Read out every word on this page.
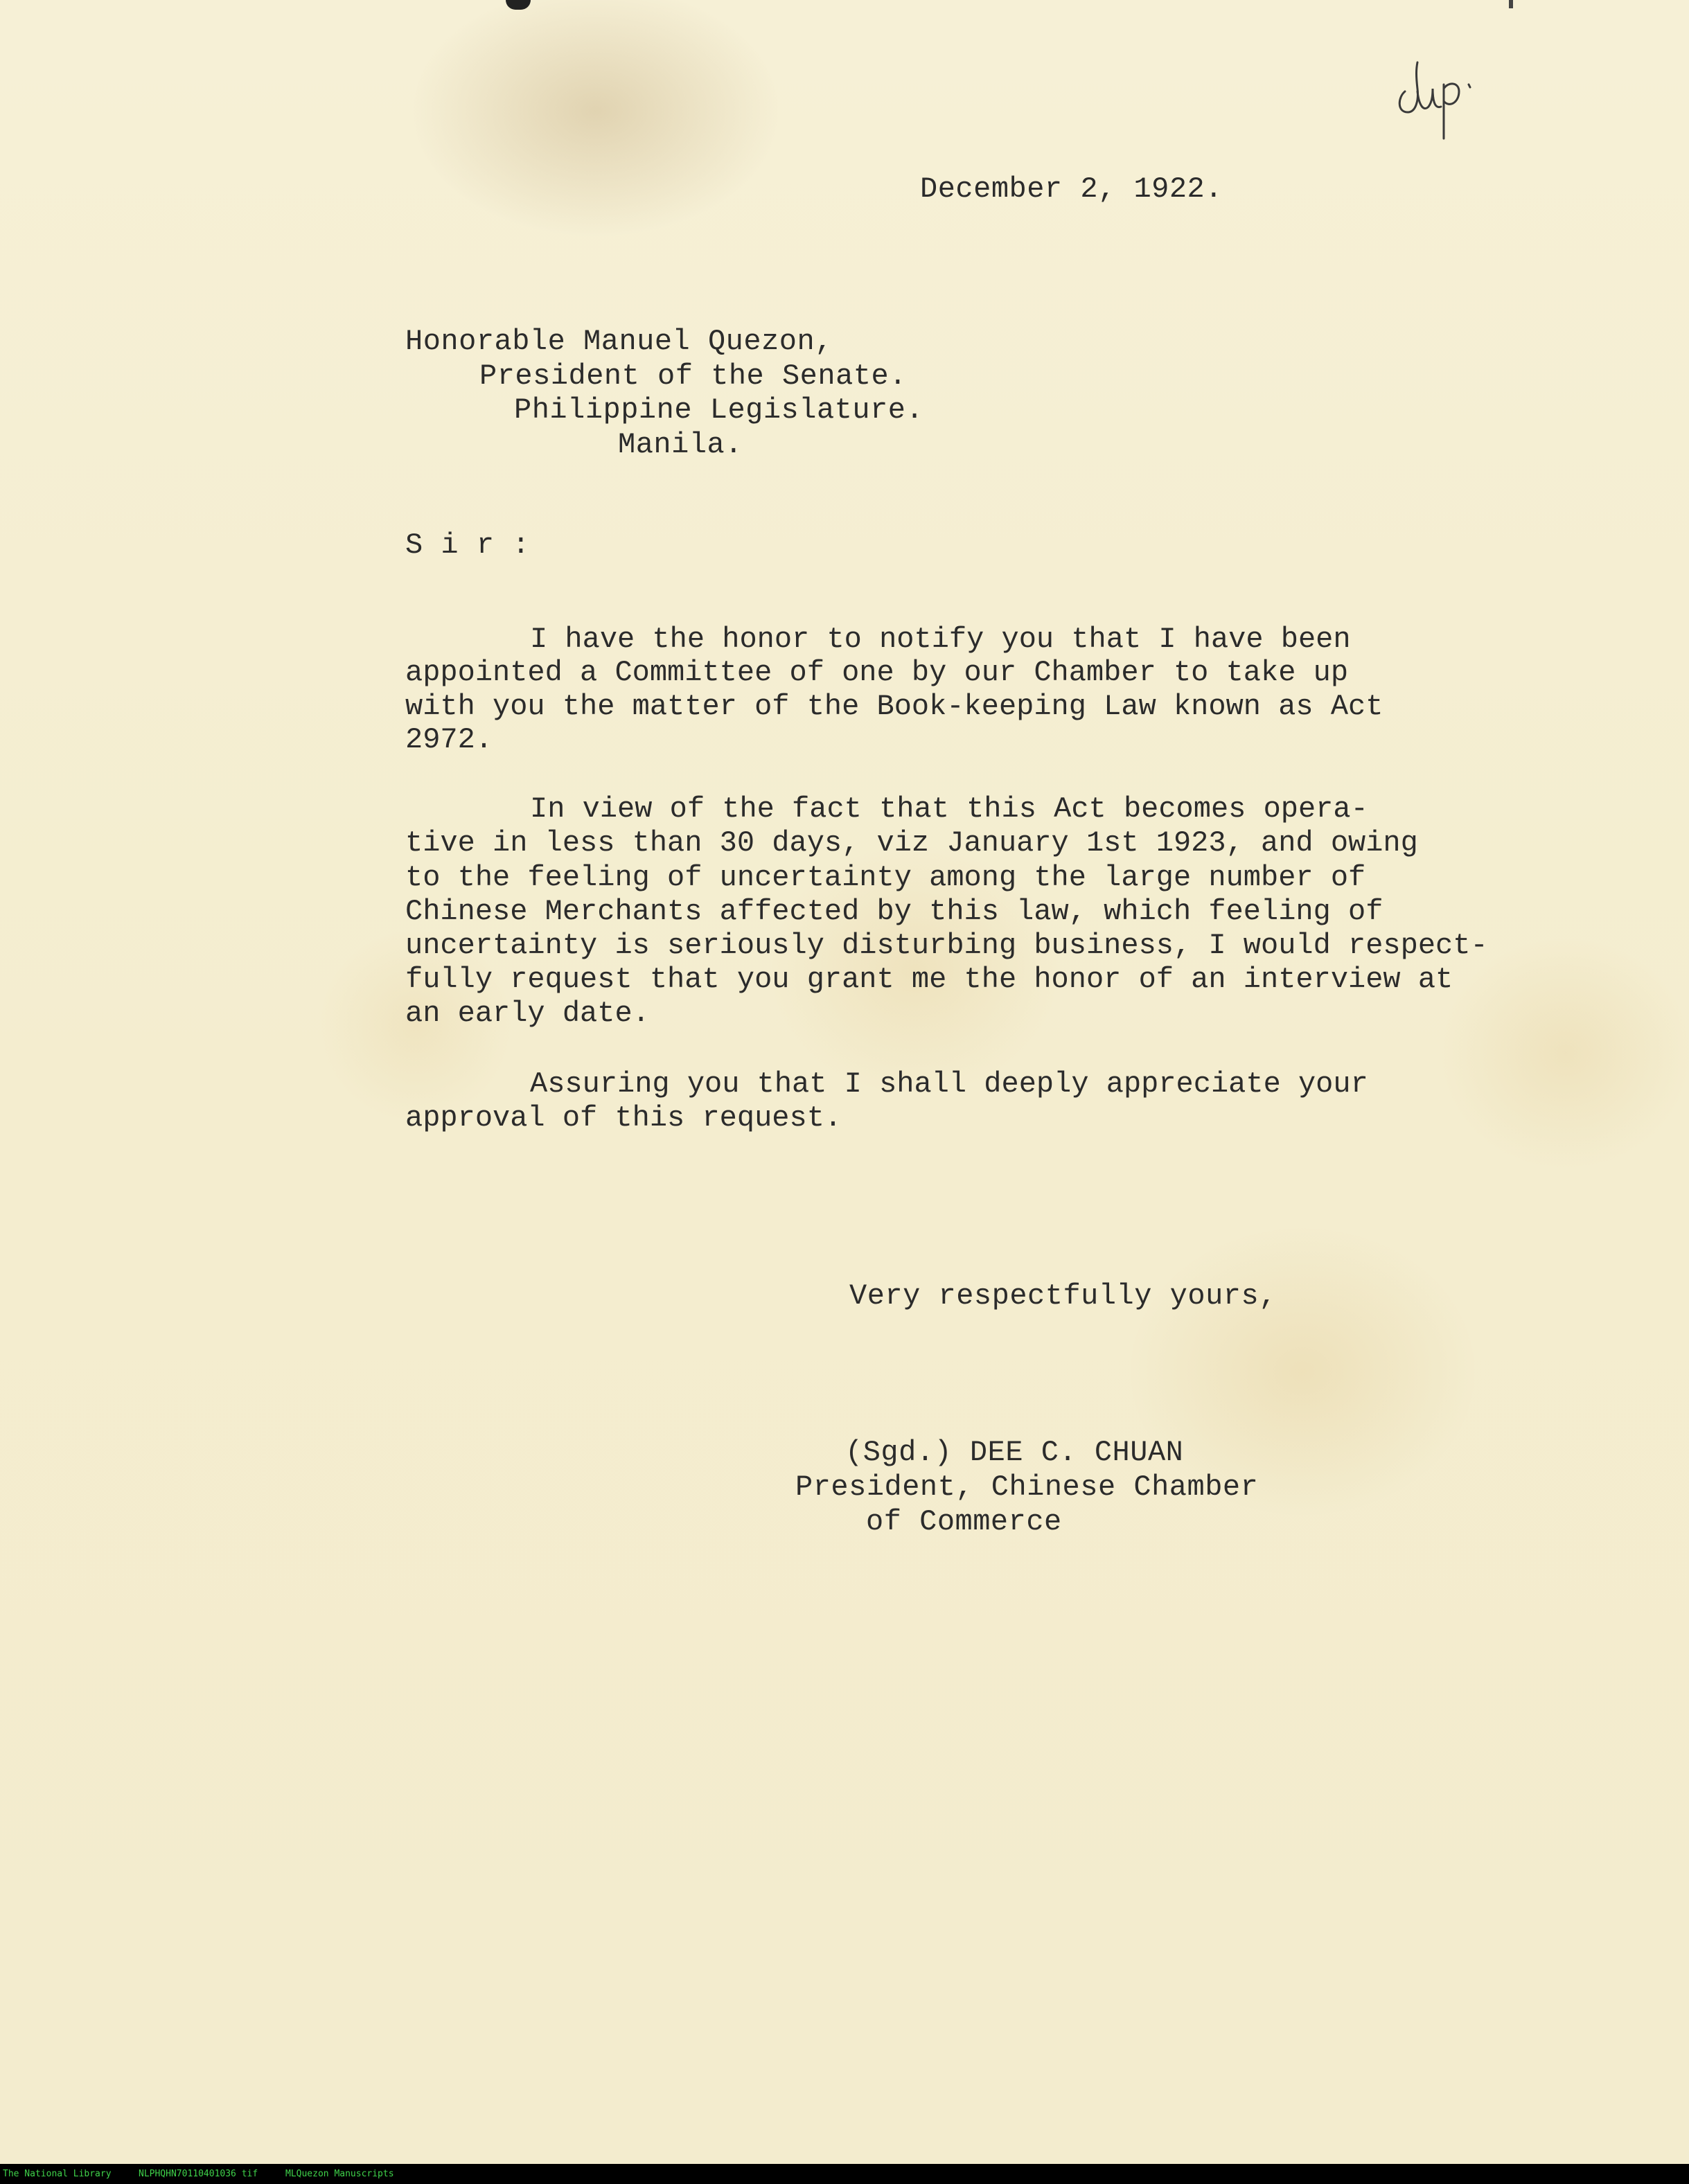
December 2, 1922.
Honorable Manuel Quezon,
President of the Senate.
Philippine Legislature.
Manila.
S i r :
I have the honor to notify you that I have been
appointed a Committee of one by our Chamber to take up
with you the matter of the Book-keeping Law known as Act
2972.
In view of the fact that this Act becomes opera-
tive in less than 30 days, viz January 1st 1923, and owing
to the feeling of uncertainty among the large number of
Chinese Merchants affected by this law, which feeling of
uncertainty is seriously disturbing business, I would respect-
fully request that you grant me the honor of an interview at
an early date.
Assuring you that I shall deeply appreciate your
approval of this request.
Very respectfully yours,
(Sgd.) DEE C. CHUAN
President, Chinese Chamber
of Commerce
The National Library	NLPHQHN70110401036 tif	MLQuezon Manuscripts
